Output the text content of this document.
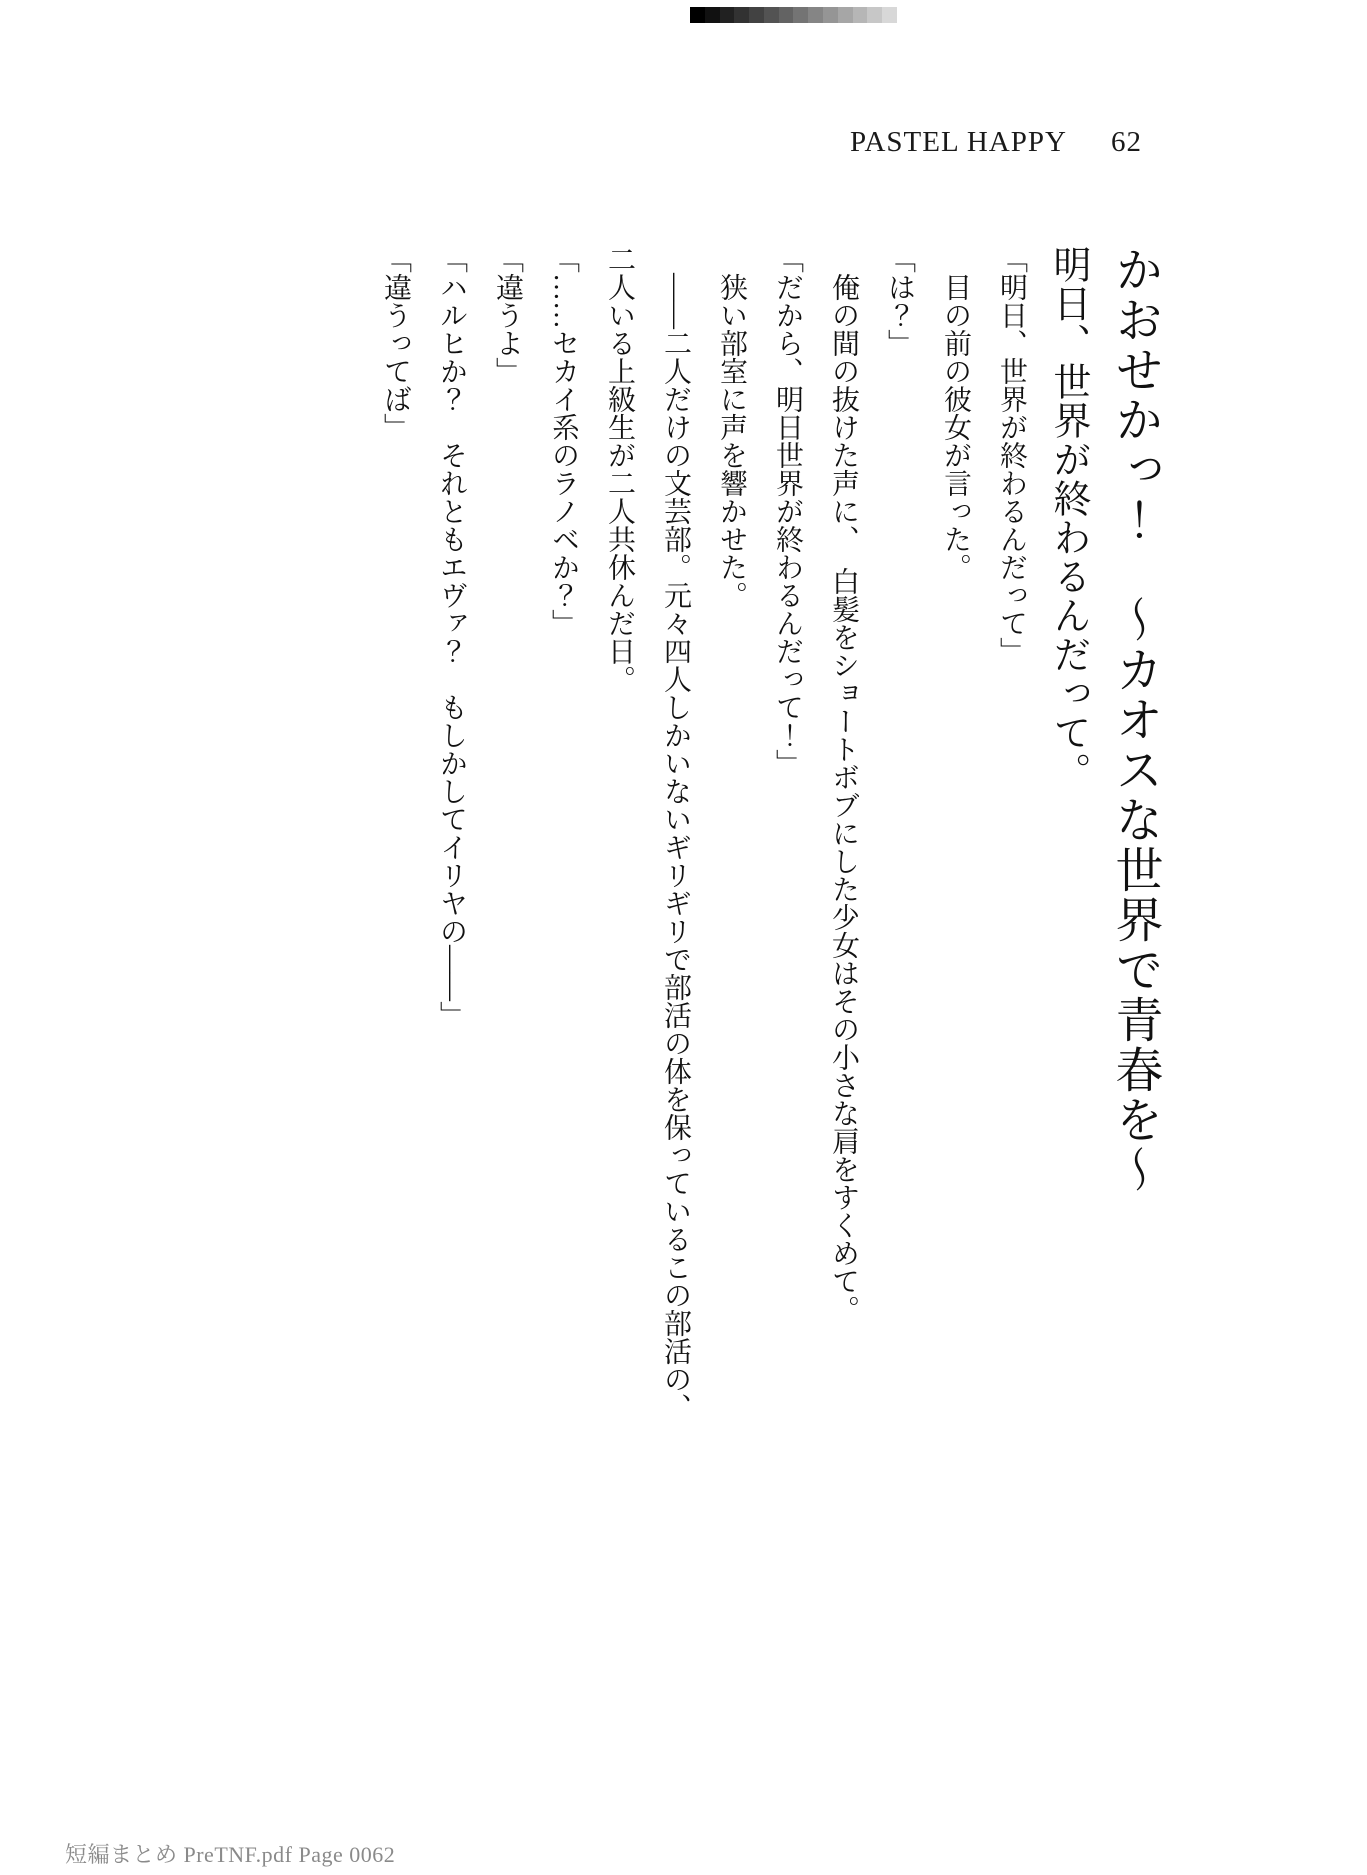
PASTEL HAPPY 62

かおせかっ！　〜カオスな世界で青春を〜

明日、世界が終わるんだって。

「明日、世界が終わるんだって」

目の前の彼女が言った。

「は？」

俺の間の抜けた声に、　白髪をショートボブにした少女はその小さな肩をすくめて。

「だから、明日世界が終わるんだって！」

狭い部室に声を響かせた。

――二人だけの文芸部。元々四人しかいないギリギリで部活の体を保っているこの部活の、

二人いる上級生が二人共休んだ日。

「……セカイ系のラノベか？」

「違うよ」

「ハルヒか？　それともエヴァ？　もしかしてイリヤの――」

「違うってば」

短編まとめ PreTNF.pdf Page 0062
